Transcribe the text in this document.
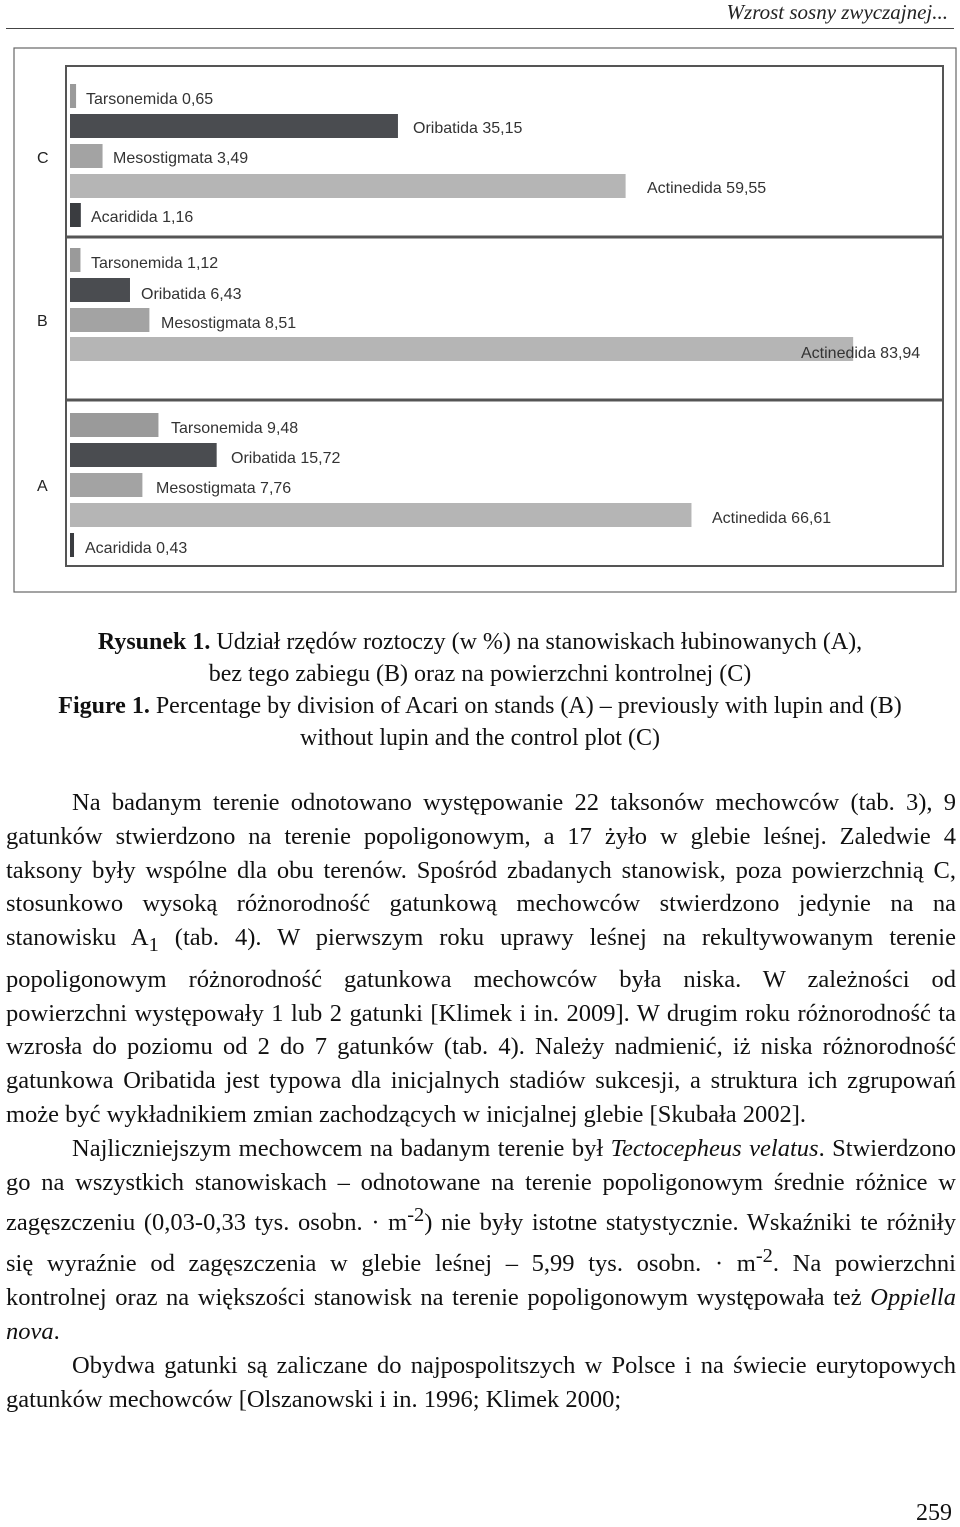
Wzrost sosny zwyczajnej...
C
Tarsonemida 0,65
Oribatida 35,15
Mesostigmata 3,49
Actinedida 59,55
Acaridida 1,16
B
Tarsonemida 1,12
Oribatida 6,43
Mesostigmata 8,51
Actinedida 83,94
A
Tarsonemida 9,48
Oribatida 15,72
Mesostigmata 7,76
Actinedida 66,61
Acaridida 0,43
Rysunek 1. Udział rzędów roztoczy (w %) na stanowiskach łubinowanych (A),
bez tego zabiegu (B) oraz na powierzchni kontrolnej (C)
Figure 1. Percentage by division of Acari on stands (A) – previously with lupin and (B)
without lupin and the control plot (C)

Na badanym terenie odnotowano występowanie 22 taksonów mechowców (tab. 3), 9 gatunków stwierdzono na terenie popoligonowym, a 17 żyło w glebie leśnej. Zaledwie 4 taksony były wspólne dla obu terenów. Spośród zbadanych stanowisk, poza powierzchnią C, stosunkowo wysoką różnorodność gatunkową mechowców stwierdzono jedynie na na stanowisku $A_1$ (tab. 4). W pierwszym roku uprawy leśnej na rekultywowanym terenie popoligonowym różnorodność gatunkowa mechowców była niska. W zależności od powierzchni występowały 1 lub 2 gatunki [Klimek i in. 2009]. W drugim roku różnorodność ta wzrosła do poziomu od 2 do 7 gatunków (tab. 4). Należy nadmienić, iż niska różnorodność gatunkowa Oribatida jest typowa dla inicjalnych stadiów sukcesji, a struktura ich zgrupowań może być wykładnikiem zmian zachodzących w inicjalnej glebie [Skubała 2002].

Najliczniejszym mechowcem na badanym terenie był Tectocepheus velatus. Stwierdzono go na wszystkich stanowiskach – odnotowane na terenie popoligonowym średnie różnice w zagęszczeniu (0,03-0,33 tys. osobn. · $m^{-2}$) nie były istotne statystycznie. Wskaźniki te różniły się wyraźnie od zagęszczenia w glebie leśnej – 5,99 tys. osobn. · $m^{-2}$. Na powierzchni kontrolnej oraz na większości stanowisk na terenie popoligonowym występowała też Oppiella nova.

Obydwa gatunki są zaliczane do najpospolitszych w Polsce i na świecie eurytopowych gatunków mechowców [Olszanowski i in. 1996; Klimek 2000;

259
